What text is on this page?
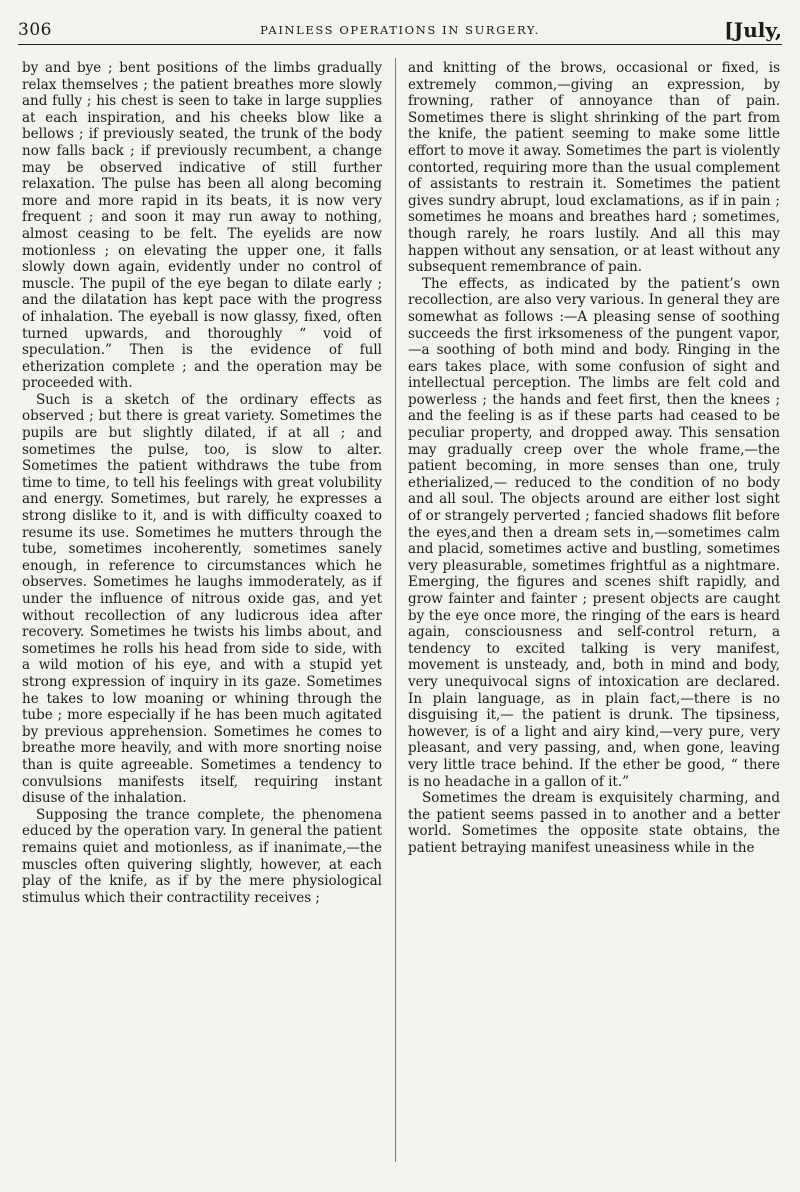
306	PAINLESS OPERATIONS IN SURGERY.	[July,

by and bye ; bent positions of the limbs gradually relax themselves ; the patient breathes more slowly and fully ; his chest is seen to take in large supplies at each inspiration, and his cheeks blow like a bellows ; if previously seated, the trunk of the body now falls back ; if previously recumbent, a change may be observed indicative of still further relaxation. The pulse has been all along becoming more and more rapid in its beats, it is now very frequent ; and soon it may run away to nothing, almost ceasing to be felt. The eyelids are now motionless ; on elevating the upper one, it falls slowly down again, evidently under no control of muscle. The pupil of the eye began to dilate early ; and the dilatation has kept pace with the progress of inhalation. The eyeball is now glassy, fixed, often turned upwards, and thoroughly “ void of speculation.” Then is the evidence of full etherization complete ; and the operation may be proceeded with.

Such is a sketch of the ordinary effects as observed ; but there is great variety. Sometimes the pupils are but slightly dilated, if at all ; and sometimes the pulse, too, is slow to alter. Sometimes the patient withdraws the tube from time to time, to tell his feelings with great volubility and energy. Sometimes, but rarely, he expresses a strong dislike to it, and is with difficulty coaxed to resume its use. Sometimes he mutters through the tube, sometimes incoherently, sometimes sanely enough, in reference to circumstances which he observes. Sometimes he laughs immoderately, as if under the influence of nitrous oxide gas, and yet without recollection of any ludicrous idea after recovery. Sometimes he twists his limbs about, and sometimes he rolls his head from side to side, with a wild motion of his eye, and with a stupid yet strong expression of inquiry in its gaze. Sometimes he takes to low moaning or whining through the tube ; more especially if he has been much agitated by previous apprehension. Sometimes he comes to breathe more heavily, and with more snorting noise than is quite agreeable. Sometimes a tendency to convulsions manifests itself, requiring instant disuse of the inhalation.

Supposing the trance complete, the phenomena educed by the operation vary. In general the patient remains quiet and motionless, as if inanimate,—the muscles often quivering slightly, however, at each play of the knife, as if by the mere physiological stimulus which their contractility receives ;

and knitting of the brows, occasional or fixed, is extremely common,—giving an expression, by frowning, rather of annoyance than of pain. Sometimes there is slight shrinking of the part from the knife, the patient seeming to make some little effort to move it away. Sometimes the part is violently contorted, requiring more than the usual complement of assistants to restrain it. Sometimes the patient gives sundry abrupt, loud exclamations, as if in pain ; sometimes he moans and breathes hard ; sometimes, though rarely, he roars lustily. And all this may happen without any sensation, or at least without any subsequent remembrance of pain.

The effects, as indicated by the patient’s own recollection, are also very various. In general they are somewhat as follows :—A pleasing sense of soothing succeeds the first irksomeness of the pungent vapor,—a soothing of both mind and body. Ringing in the ears takes place, with some confusion of sight and intellectual perception. The limbs are felt cold and powerless ; the hands and feet first, then the knees ; and the feeling is as if these parts had ceased to be peculiar property, and dropped away. This sensation may gradually creep over the whole frame,—the patient becoming, in more senses than one, truly etherialized,— reduced to the condition of no body and all soul. The objects around are either lost sight of or strangely perverted ; fancied shadows flit before the eyes,and then a dream sets in,—sometimes calm and placid, sometimes active and bustling, sometimes very pleasurable, sometimes frightful as a nightmare. Emerging, the figures and scenes shift rapidly, and grow fainter and fainter ; present objects are caught by the eye once more, the ringing of the ears is heard again, consciousness and self-control return, a tendency to excited talking is very manifest, movement is unsteady, and, both in mind and body, very unequivocal signs of intoxication are declared. In plain language, as in plain fact,—there is no disguising it,— the patient is drunk. The tipsiness, however, is of a light and airy kind,—very pure, very pleasant, and very passing, and, when gone, leaving very little trace behind. If the ether be good, “ there is no headache in a gallon of it.”

Sometimes the dream is exquisitely charming, and the patient seems passed in to another and a better world. Sometimes the opposite state obtains, the patient betraying manifest uneasiness while in the
